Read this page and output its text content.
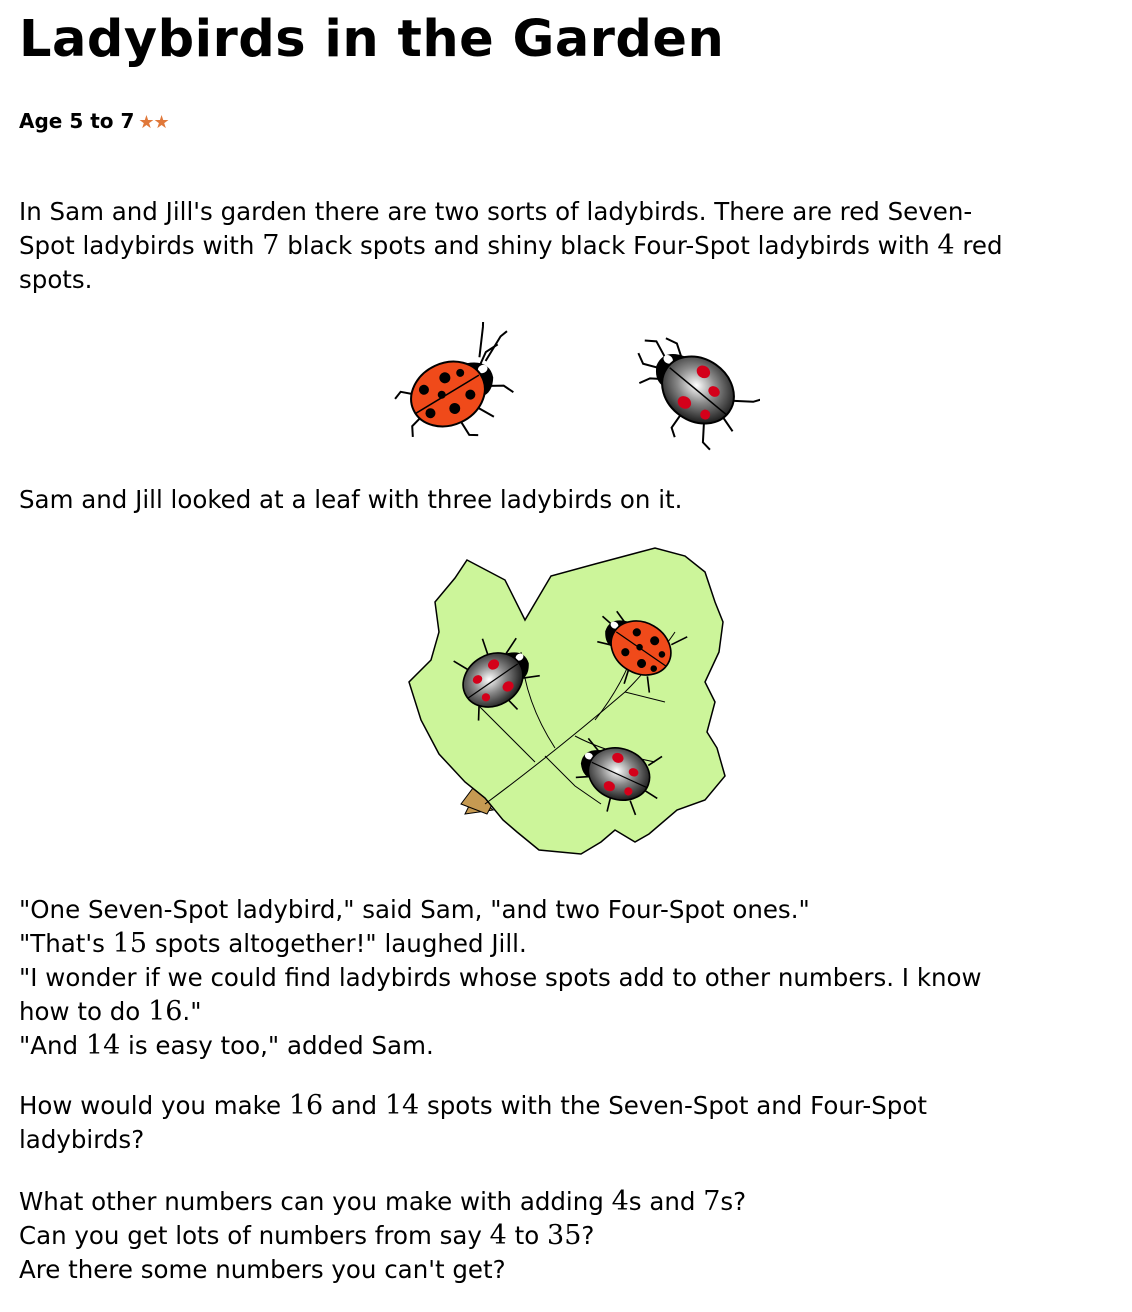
Ladybirds in the Garden
Age 5 to 7 ★★

In Sam and Jill's garden there are two sorts of ladybirds. There are red Seven-
Spot ladybirds with 7 black spots and shiny black Four-Spot ladybirds with 4 red
spots.

Sam and Jill looked at a leaf with three ladybirds on it.

"One Seven-Spot ladybird," said Sam, "and two Four-Spot ones."
"That's 15 spots altogether!" laughed Jill.
"I wonder if we could find ladybirds whose spots add to other numbers. I know
how to do 16."
"And 14 is easy too," added Sam.

How would you make 16 and 14 spots with the Seven-Spot and Four-Spot
ladybirds?

What other numbers can you make with adding 4s and 7s?
Can you get lots of numbers from say 4 to 35?
Are there some numbers you can't get?
